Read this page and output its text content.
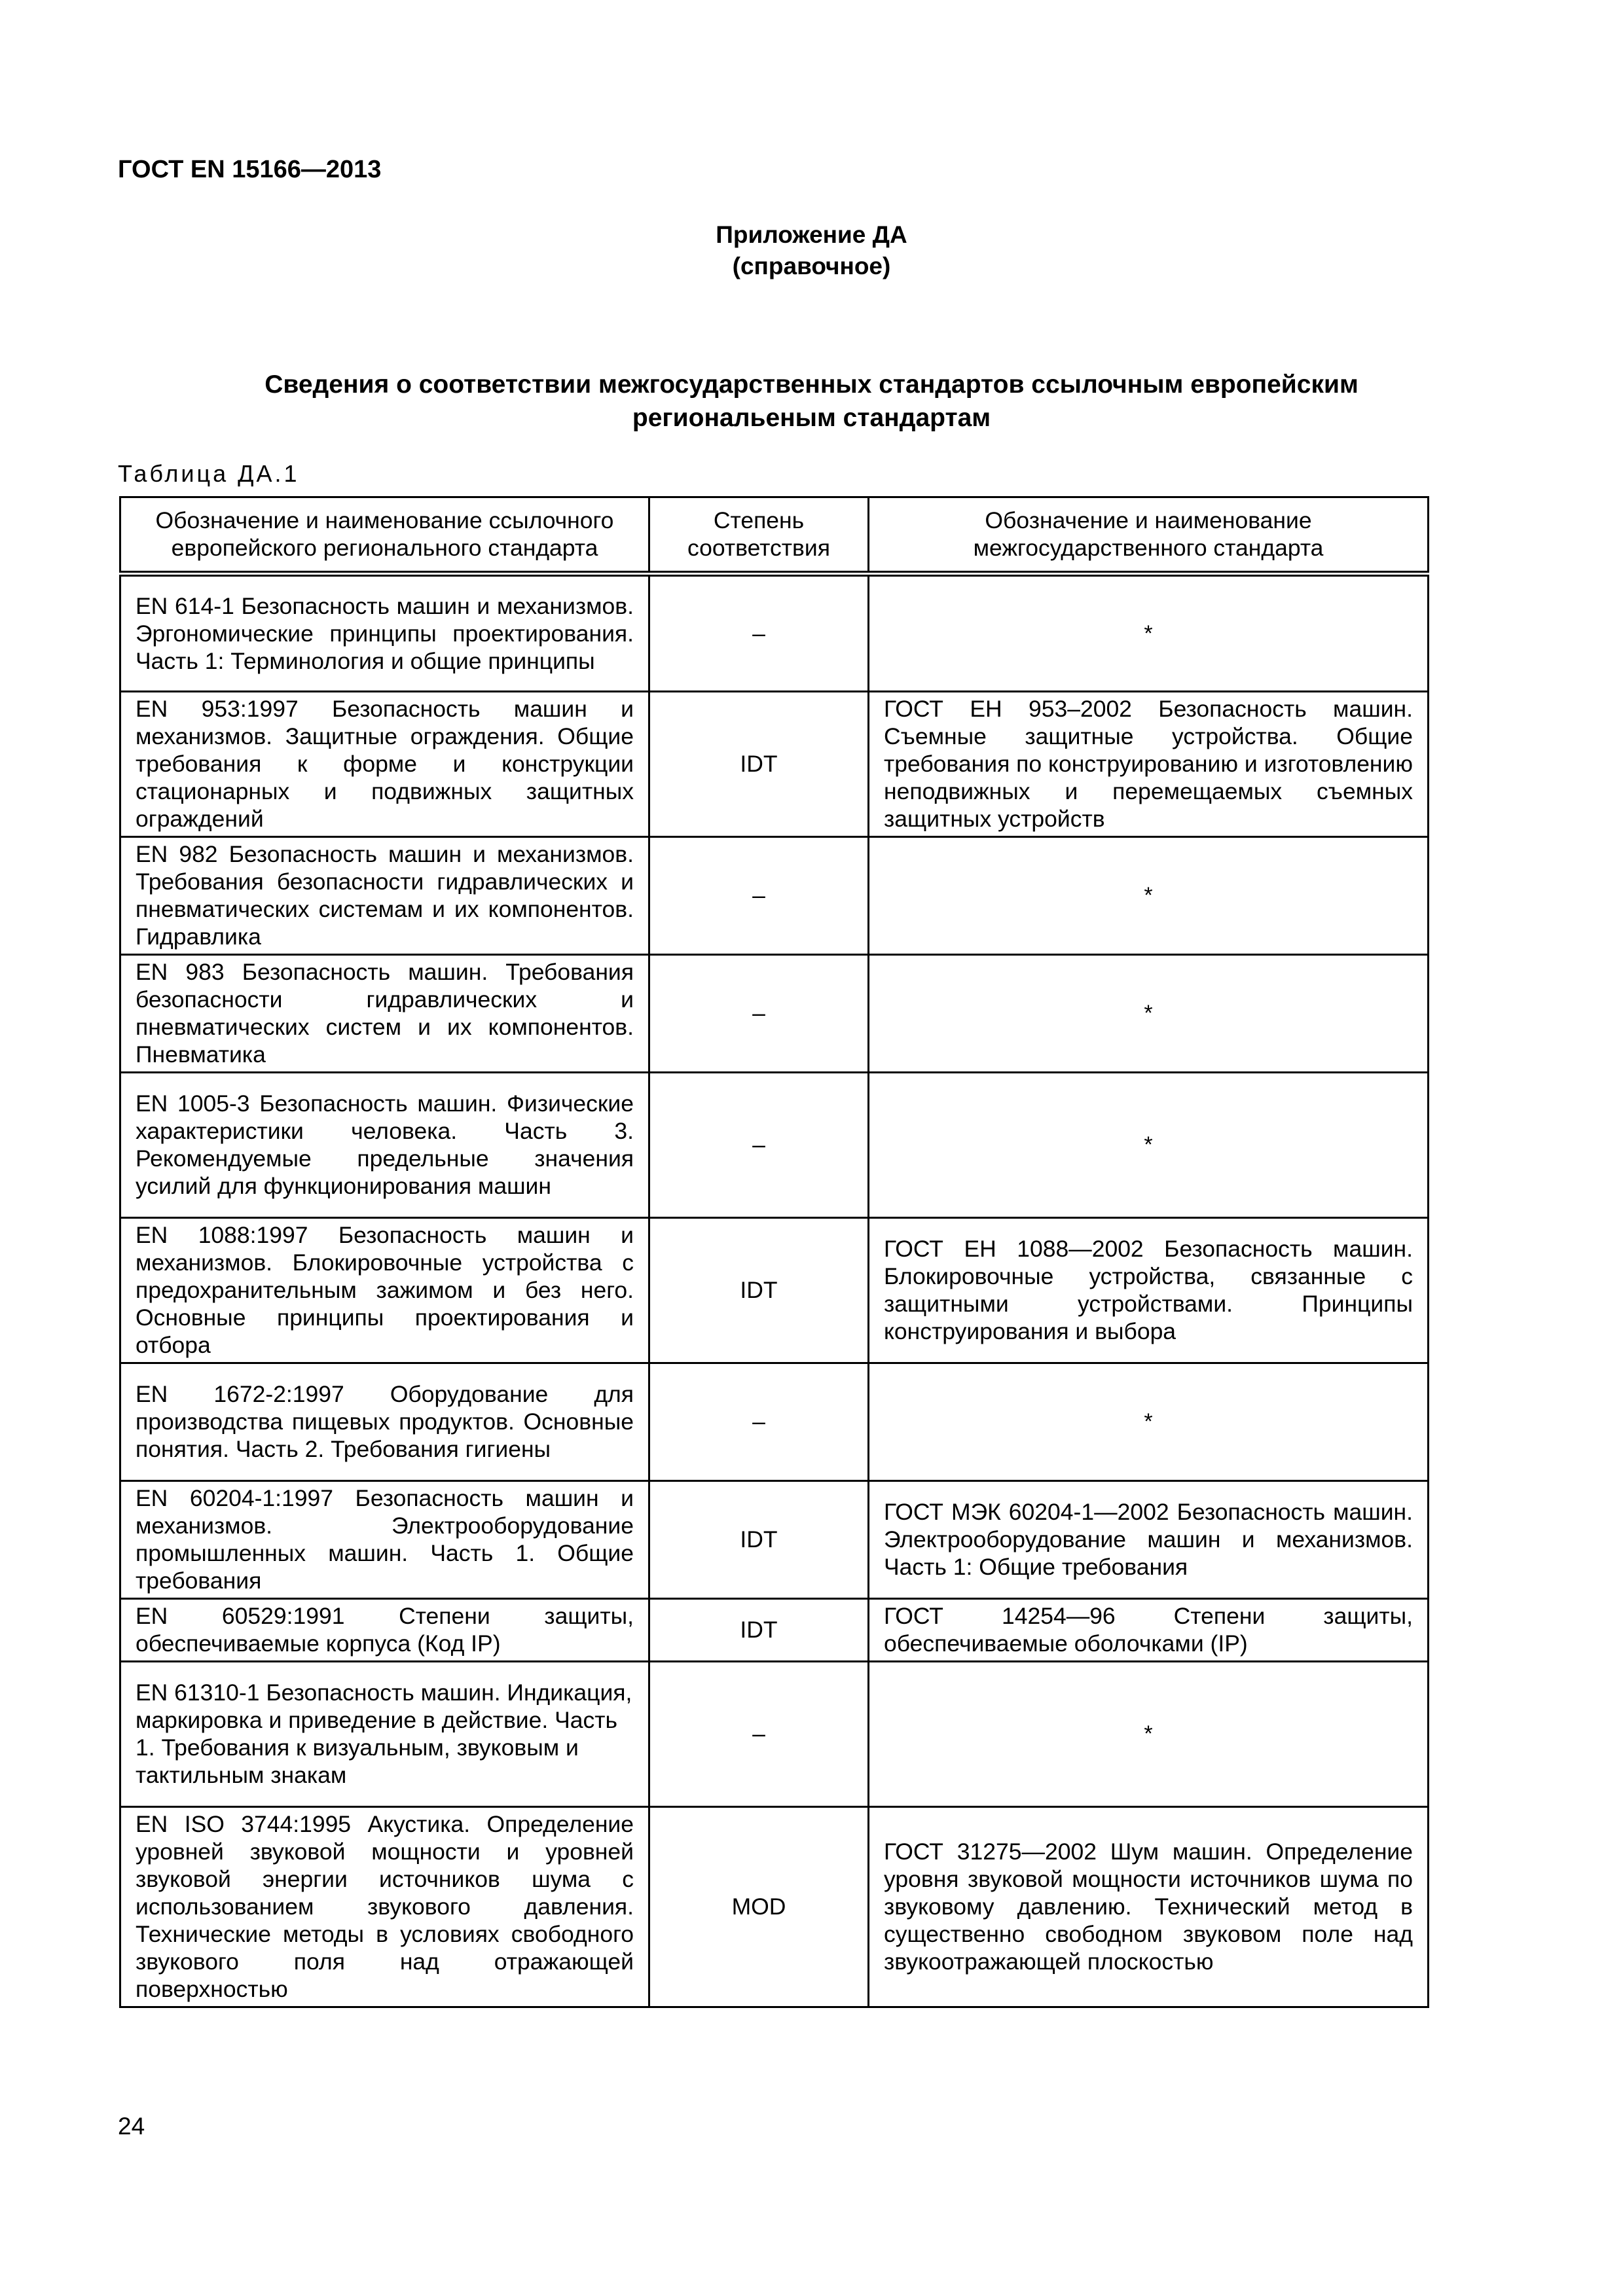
ГОСТ EN 15166—2013
Приложение ДА
(справочное)
Сведения о соответствии межгосударственных стандартов ссылочным европейским
региональеным стандартам
Таблица ДА.1
Обозначение и наименование ссылочного европейского регионального стандарта	Степень соответствия	Обозначение и наименование межгосударственного стандарта
EN 614-1 Безопасность машин и механизмов. Эргономические принципы проектирования. Часть 1: Терминология и общие принципы	–	*
EN 953:1997 Безопасность машин и механизмов. Защитные ограждения. Общие требования к форме и конструкции стационарных и подвижных защитных ограждений	IDT	ГОСТ ЕН 953–2002 Безопасность машин. Съемные защитные устройства. Общие требования по конструированию и изготовлению неподвижных и перемещаемых съемных защитных устройств
EN 982 Безопасность машин и механизмов. Требования безопасности гидравлических и пневматических системам и их компонентов. Гидравлика	–	*
EN 983 Безопасность машин. Требования безопасности гидравлических и пневматических систем и их компонентов. Пневматика	–	*
EN 1005-3 Безопасность машин. Физические характеристики человека. Часть 3. Рекомендуемые предельные значения усилий для функционирования машин	–	*
EN 1088:1997 Безопасность машин и механизмов. Блокировочные устройства с предохранительным зажимом и без него. Основные принципы проектирования и отбора	IDT	ГОСТ ЕН 1088—2002 Безопасность машин. Блокировочные устройства, связанные с защитными устройствами. Принципы конструирования и выбора
EN 1672-2:1997 Оборудование для производства пищевых продуктов. Основные понятия. Часть 2. Требования гигиены	–	*
EN 60204-1:1997 Безопасность машин и механизмов. Электрооборудование промышленных машин. Часть 1. Общие требования	IDT	ГОСТ МЭК 60204-1—2002 Безопасность машин. Электрооборудование машин и механизмов. Часть 1: Общие требования
EN 60529:1991 Степени защиты, обеспечиваемые корпуса (Код IP)	IDT	ГОСТ 14254—96 Степени защиты, обеспечиваемые оболочками (IP)
EN 61310-1 Безопасность машин. Индикация, маркировка и приведение в действие. Часть 1. Требования к визуальным, звуковым и тактильным знакам	–	*
EN ISO 3744:1995 Акустика. Определение уровней звуковой мощности и уровней звуковой энергии источников шума с использованием звукового давления. Технические методы в условиях свободного звукового поля над отражающей поверхностью	MOD	ГОСТ 31275—2002 Шум машин. Определение уровня звуковой мощности источников шума по звуковому давлению. Технический метод в существенно свободном звуковом поле над звукоотражающей плоскостью
24
